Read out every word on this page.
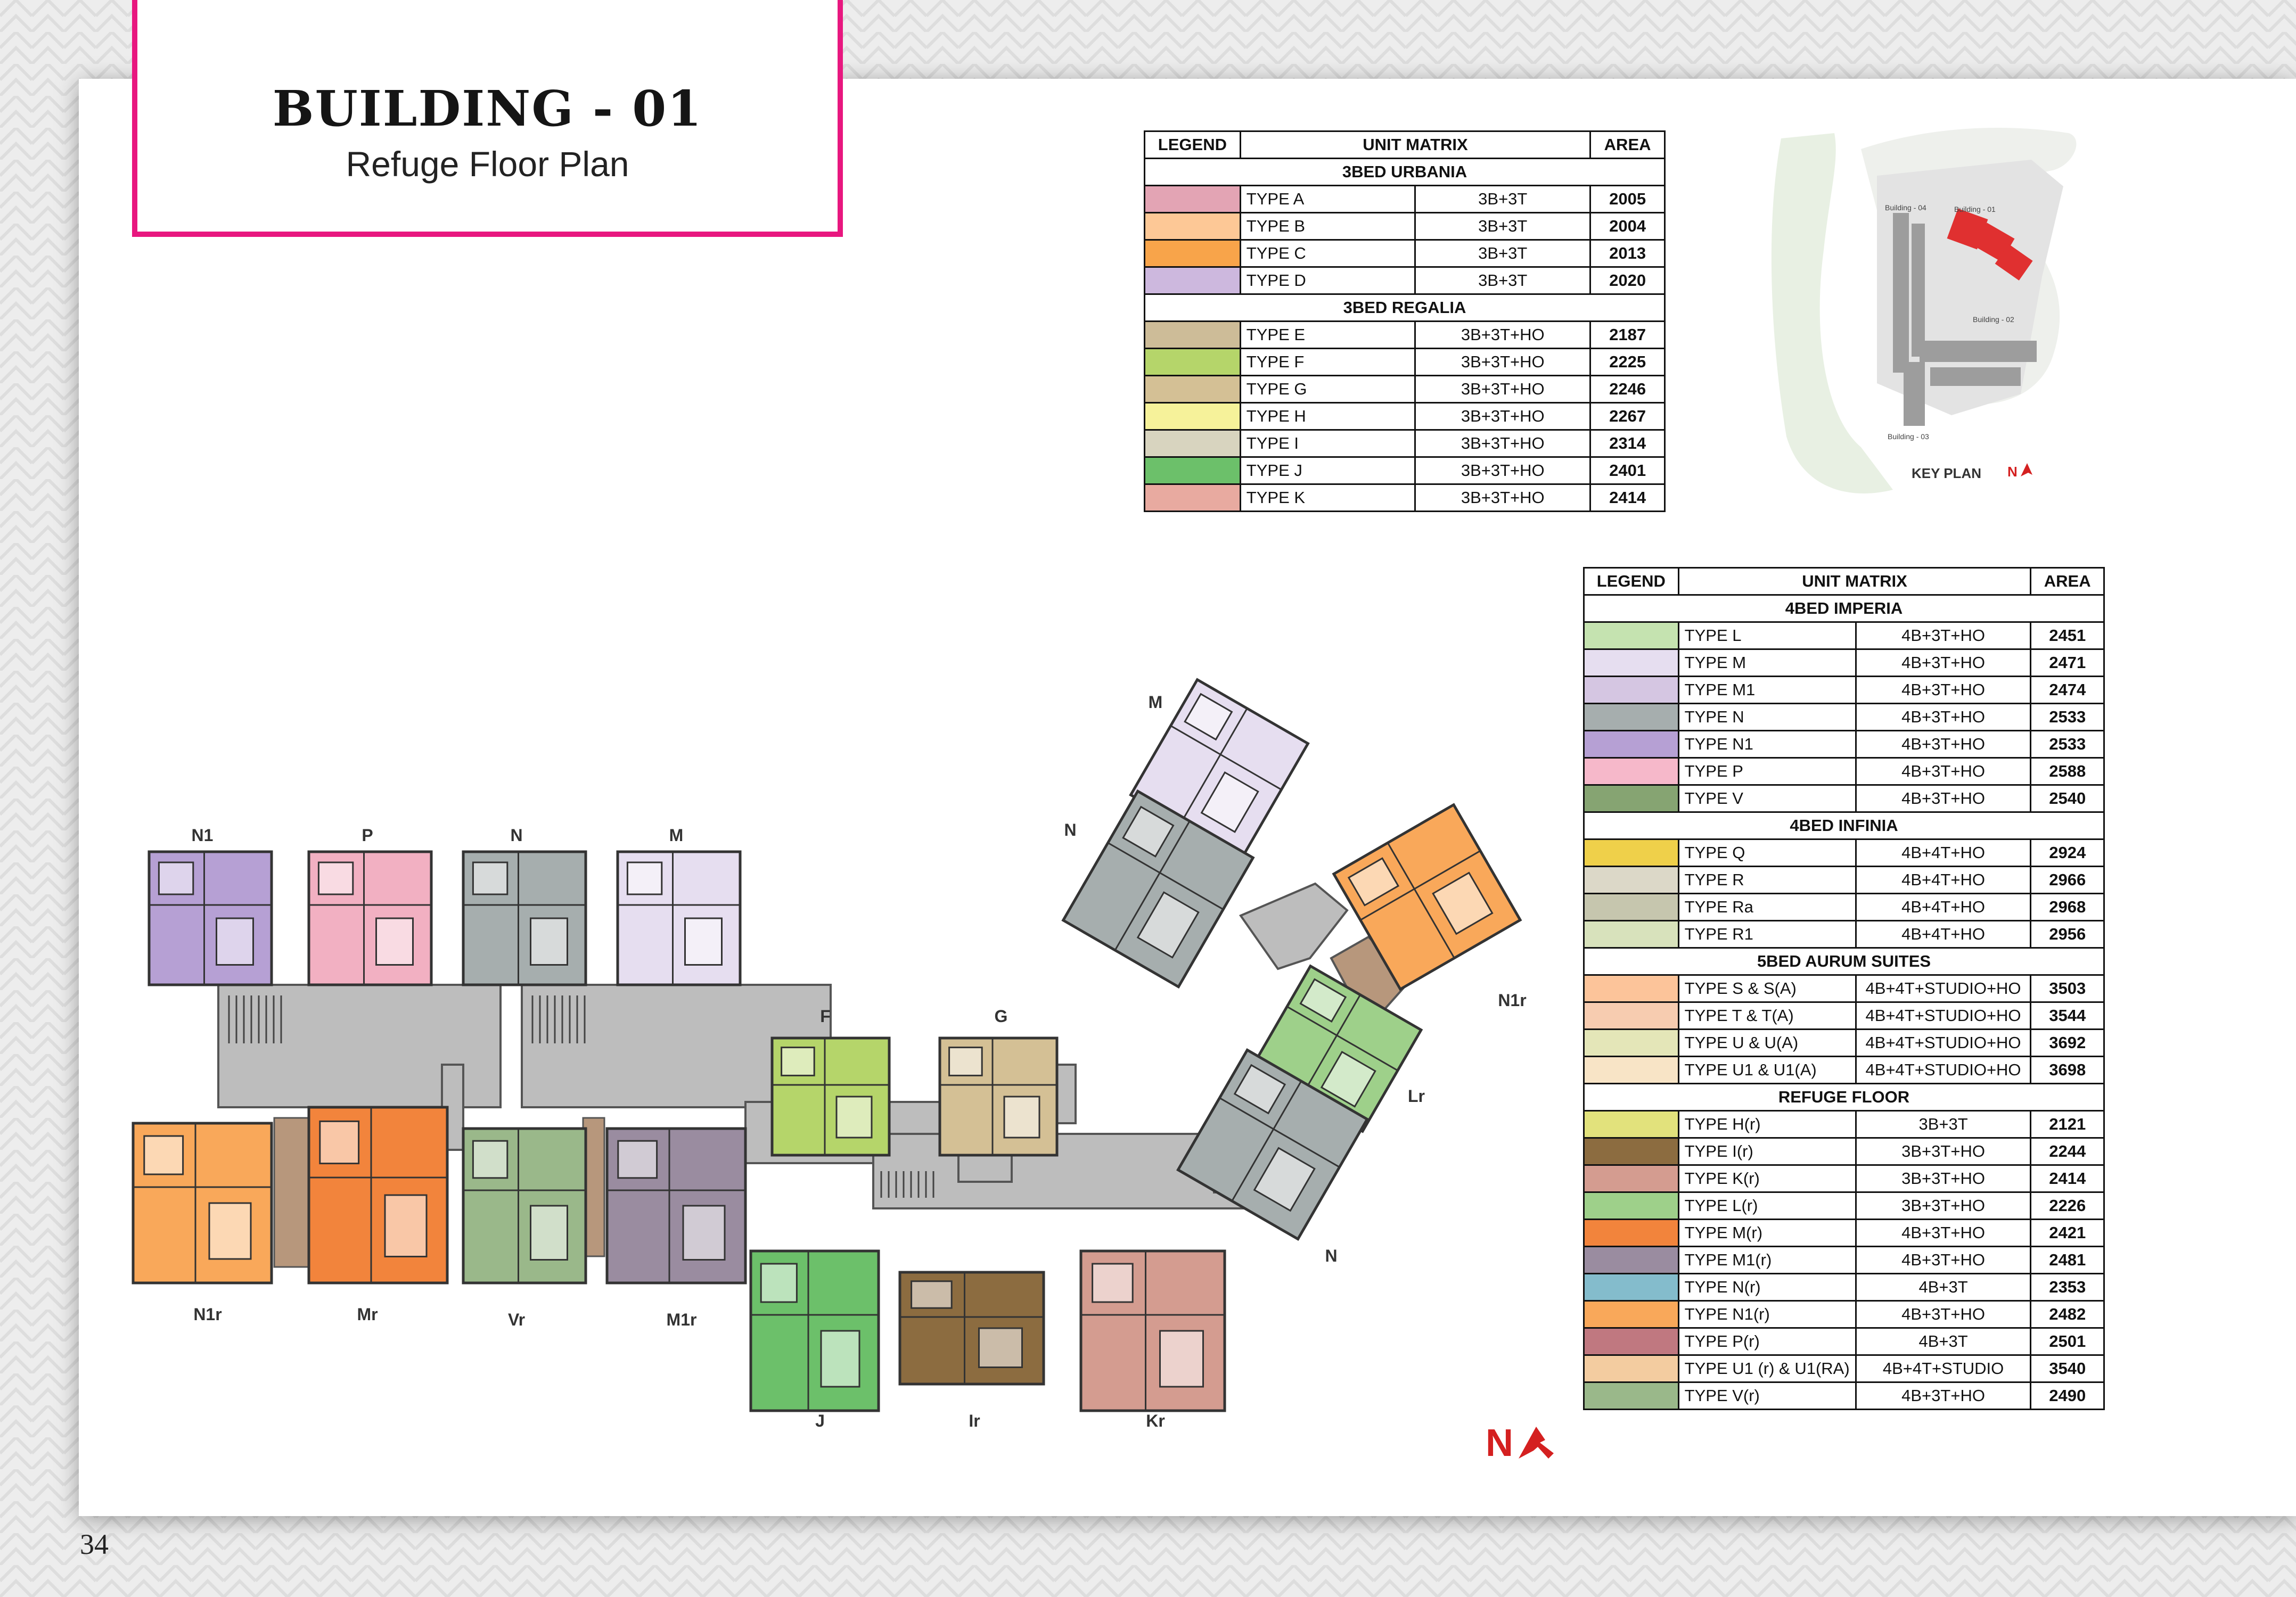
BUILDING - 01
Refuge Floor Plan	LEGEND	UNIT MATRIX		AREA
3BED URBANIA			
	TYPE A	3B+3T	2005
	TYPE B	3B+3T	2004
	TYPE C	3B+3T	2013
	TYPE D	3B+3T	2020
3BED REGALIA			
	TYPE E	3B+3T+HO	2187
	TYPE F	3B+3T+HO	2225
	TYPE G	3B+3T+HO	2246
	TYPE H	3B+3T+HO	2267
	TYPE I	3B+3T+HO	2314
	TYPE J	3B+3T+HO	2401
	TYPE K	3B+3T+HO	2414
LEGEND	UNIT MATRIX		AREA
4BED IMPERIA			
	TYPE L	4B+3T+HO	2451
	TYPE M	4B+3T+HO	2471
	TYPE M1	4B+3T+HO	2474
	TYPE N	4B+3T+HO	2533
	TYPE N1	4B+3T+HO	2533
	TYPE P	4B+3T+HO	2588
	TYPE V	4B+3T+HO	2540
4BED INFINIA			
	TYPE Q	4B+4T+HO	2924
	TYPE R	4B+4T+HO	2966
	TYPE Ra	4B+4T+HO	2968
	TYPE R1	4B+4T+HO	2956
5BED AURUM SUITES			
	TYPE S & S(A)	4B+4T+STUDIO+HO	3503
	TYPE T & T(A)	4B+4T+STUDIO+HO	3544
	TYPE U & U(A)	4B+4T+STUDIO+HO	3692
	TYPE U1 & U1(A)	4B+4T+STUDIO+HO	3698
REFUGE FLOOR			
	TYPE H(r)	3B+3T	2121
	TYPE I(r)	3B+3T+HO	2244
	TYPE K(r)	3B+3T+HO	2414
	TYPE L(r)	3B+3T+HO	2226
	TYPE M(r)	4B+3T+HO	2421
	TYPE M1(r)	4B+3T+HO	2481
	TYPE N(r)	4B+3T	2353
	TYPE N1(r)	4B+3T+HO	2482
	TYPE P(r)	4B+3T	2501
	TYPE U1 (r) & U1(RA)	4B+4T+STUDIO	3540
	TYPE V(r)	4B+3T+HO	2490
Building - 04	Building - 01
Building - 02
Building - 03
KEY PLAN N
N1	P	N	M
N1r	Mr	Vr	M1r
F	G
J	Ir	Kr
M
N
N1r
Lr
N
N
34
